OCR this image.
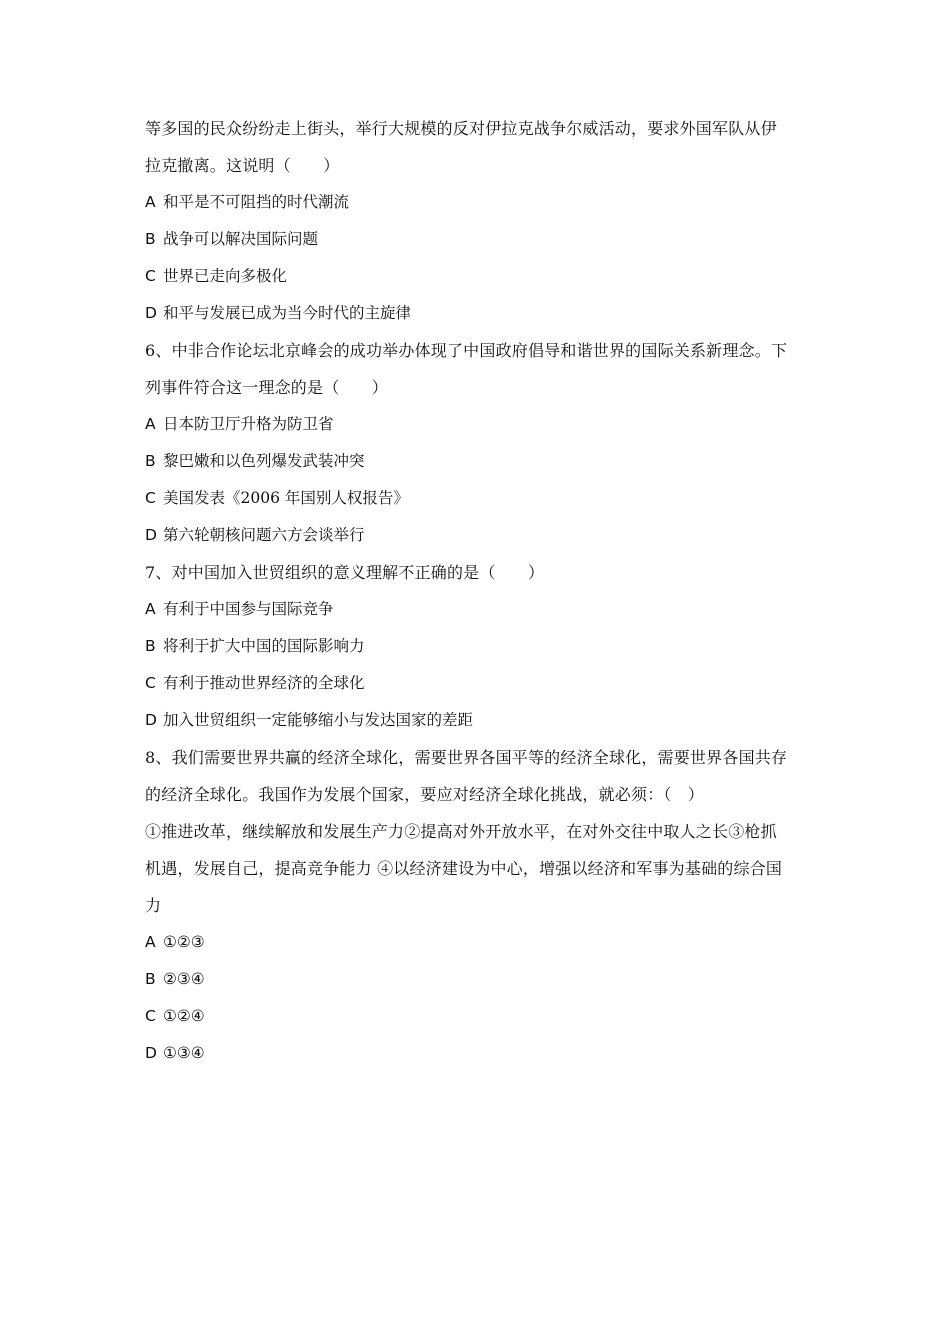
等多国的民众纷纷走上街头，举行大规模的反对伊拉克战争尔威活动，要求外国军队从伊
拉克撤离。这说明（　　）
A 和平是不可阻挡的时代潮流
B 战争可以解决国际问题
C 世界已走向多极化
D 和平与发展已成为当今时代的主旋律
6、中非合作论坛北京峰会的成功举办体现了中国政府倡导和谐世界的国际关系新理念。下
列事件符合这一理念的是（　　）
A 日本防卫厅升格为防卫省
B 黎巴嫩和以色列爆发武装冲突
C 美国发表《2006 年国别人权报告》
D 第六轮朝核问题六方会谈举行
7、对中国加入世贸组织的意义理解不正确的是（　　）
A 有利于中国参与国际竞争
B 将利于扩大中国的国际影响力
C 有利于推动世界经济的全球化
D 加入世贸组织一定能够缩小与发达国家的差距
8、我们需要世界共赢的经济全球化，需要世界各国平等的经济全球化，需要世界各国共存
的经济全球化。我国作为发展个国家，要应对经济全球化挑战，就必须：（　）
①推进改革，继续解放和发展生产力②提高对外开放水平，在对外交往中取人之长③枪抓
机遇，发展自己，提高竞争能力 ④以经济建设为中心，增强以经济和军事为基础的综合国
力
A ①②③
B ②③④
C ①②④
D ①③④
